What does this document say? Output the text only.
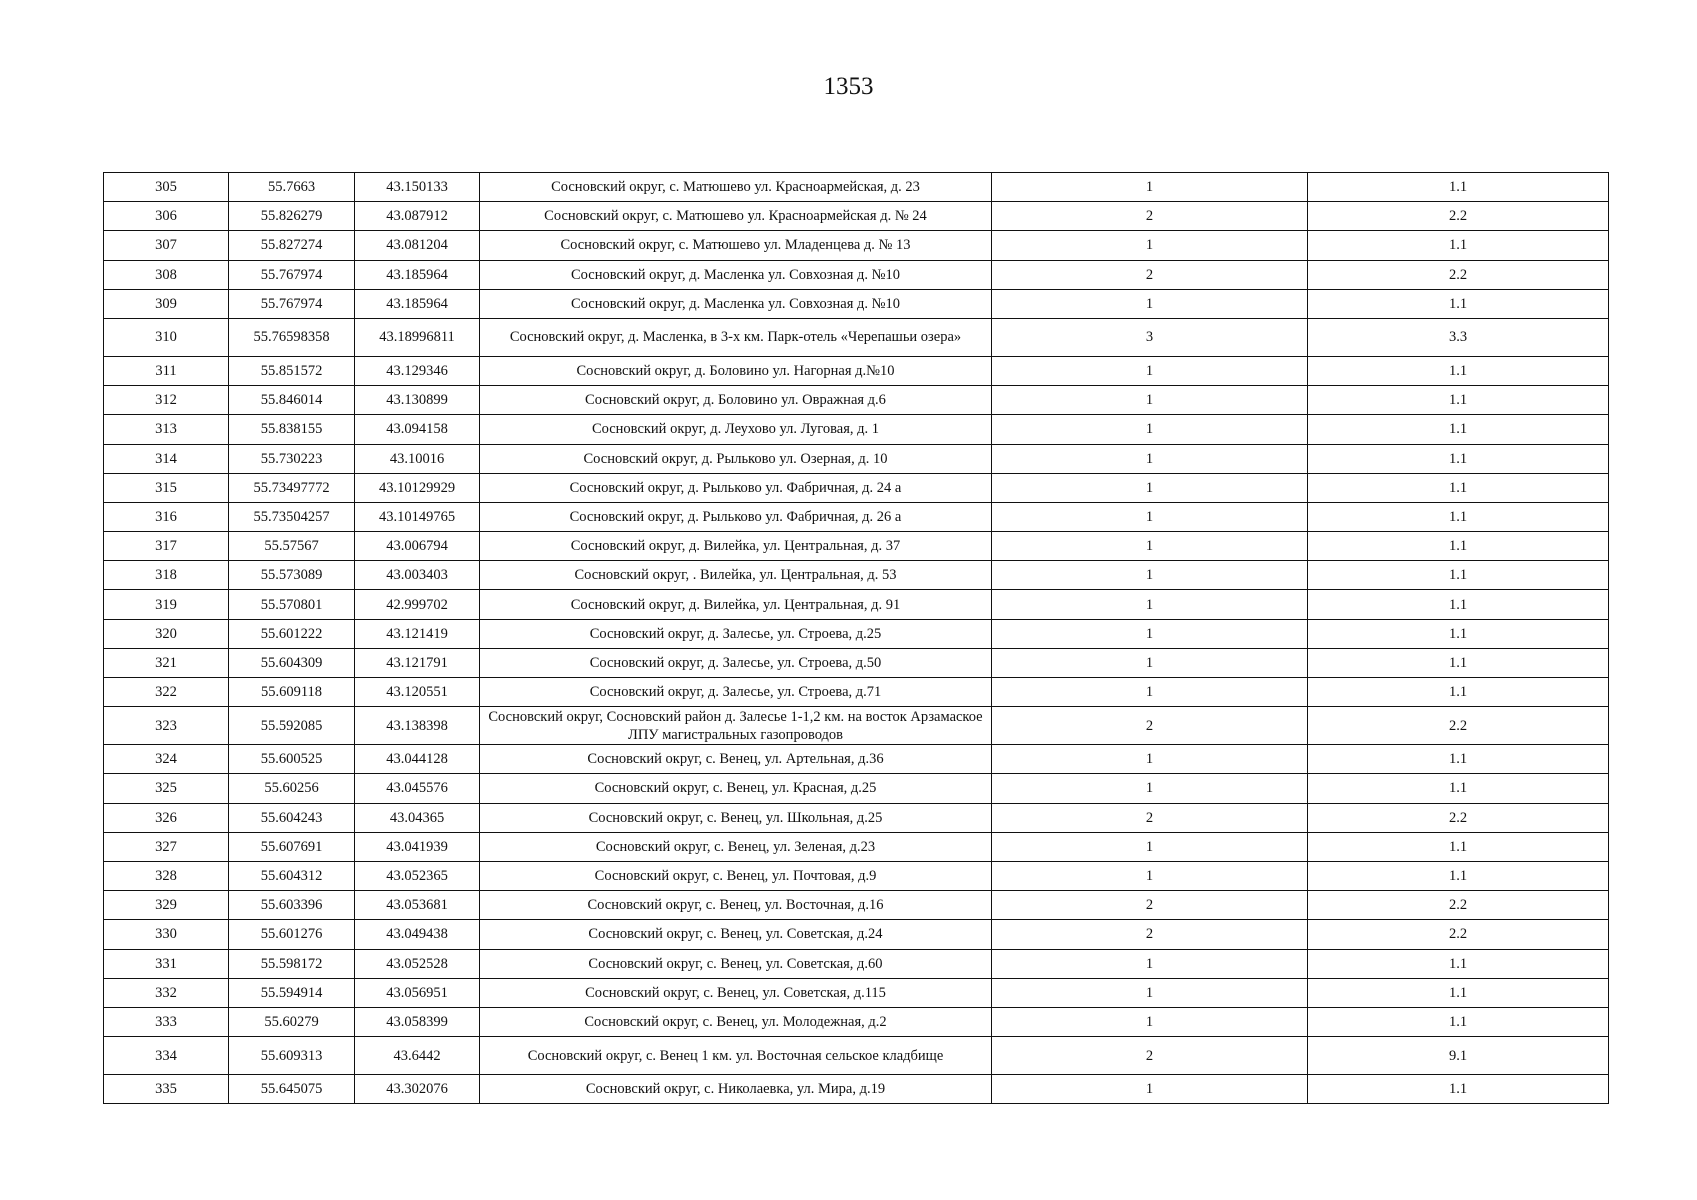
1353
305	55.7663	43.150133	Сосновский округ, с. Матюшево ул. Красноармейская, д. 23	1	1.1
306	55.826279	43.087912	Сосновский округ, с. Матюшево ул. Красноармейская д. № 24	2	2.2
307	55.827274	43.081204	Сосновский округ, с. Матюшево ул. Младенцева д. № 13	1	1.1
308	55.767974	43.185964	Сосновский округ, д. Масленка ул. Совхозная д. №10	2	2.2
309	55.767974	43.185964	Сосновский округ, д. Масленка ул. Совхозная д. №10	1	1.1
310	55.76598358	43.18996811	Сосновский округ, д. Масленка, в 3-х км. Парк-отель «Черепашьи озера»	3	3.3
311	55.851572	43.129346	Сосновский округ, д. Боловино ул. Нагорная д.№10	1	1.1
312	55.846014	43.130899	Сосновский округ, д. Боловино ул. Овражная д.6	1	1.1
313	55.838155	43.094158	Сосновский округ, д. Леухово ул. Луговая, д. 1	1	1.1
314	55.730223	43.10016	Сосновский округ, д. Рыльково ул. Озерная, д. 10	1	1.1
315	55.73497772	43.10129929	Сосновский округ, д. Рыльково ул. Фабричная, д. 24 а	1	1.1
316	55.73504257	43.10149765	Сосновский округ, д. Рыльково ул. Фабричная, д. 26 а	1	1.1
317	55.57567	43.006794	Сосновский округ, д. Вилейка, ул. Центральная, д. 37	1	1.1
318	55.573089	43.003403	Сосновский округ, . Вилейка, ул. Центральная, д. 53	1	1.1
319	55.570801	42.999702	Сосновский округ, д. Вилейка, ул. Центральная, д. 91	1	1.1
320	55.601222	43.121419	Сосновский округ, д. Залесье, ул. Строева, д.25	1	1.1
321	55.604309	43.121791	Сосновский округ, д. Залесье, ул. Строева, д.50	1	1.1
322	55.609118	43.120551	Сосновский округ, д. Залесье, ул. Строева, д.71	1	1.1
323	55.592085	43.138398	Сосновский округ, Сосновский район д. Залесье 1-1,2 км. на восток Арзамаское ЛПУ магистральных газопроводов	2	2.2
324	55.600525	43.044128	Сосновский округ, с. Венец, ул. Артельная, д.36	1	1.1
325	55.60256	43.045576	Сосновский округ, с. Венец, ул. Красная, д.25	1	1.1
326	55.604243	43.04365	Сосновский округ, с. Венец, ул. Школьная, д.25	2	2.2
327	55.607691	43.041939	Сосновский округ, с. Венец, ул. Зеленая, д.23	1	1.1
328	55.604312	43.052365	Сосновский округ, с. Венец, ул. Почтовая, д.9	1	1.1
329	55.603396	43.053681	Сосновский округ, с. Венец, ул. Восточная, д.16	2	2.2
330	55.601276	43.049438	Сосновский округ, с. Венец, ул. Советская, д.24	2	2.2
331	55.598172	43.052528	Сосновский округ, с. Венец, ул. Советская, д.60	1	1.1
332	55.594914	43.056951	Сосновский округ, с. Венец, ул. Советская, д.115	1	1.1
333	55.60279	43.058399	Сосновский округ, с. Венец, ул. Молодежная, д.2	1	1.1
334	55.609313	43.6442	Сосновский округ, с. Венец 1 км. ул. Восточная сельское кладбище	2	9.1
335	55.645075	43.302076	Сосновский округ, с. Николаевка, ул. Мира, д.19	1	1.1
